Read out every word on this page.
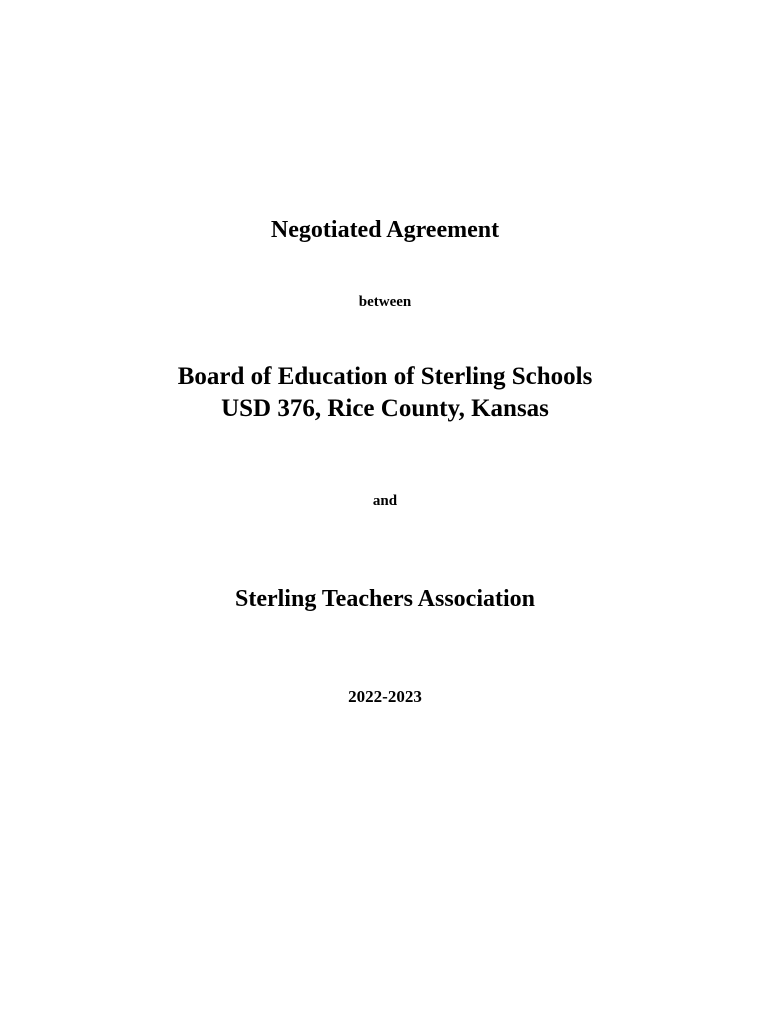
Negotiated Agreement
between
Board of Education of Sterling Schools
USD 376, Rice County, Kansas
and
Sterling Teachers Association
2022-2023
